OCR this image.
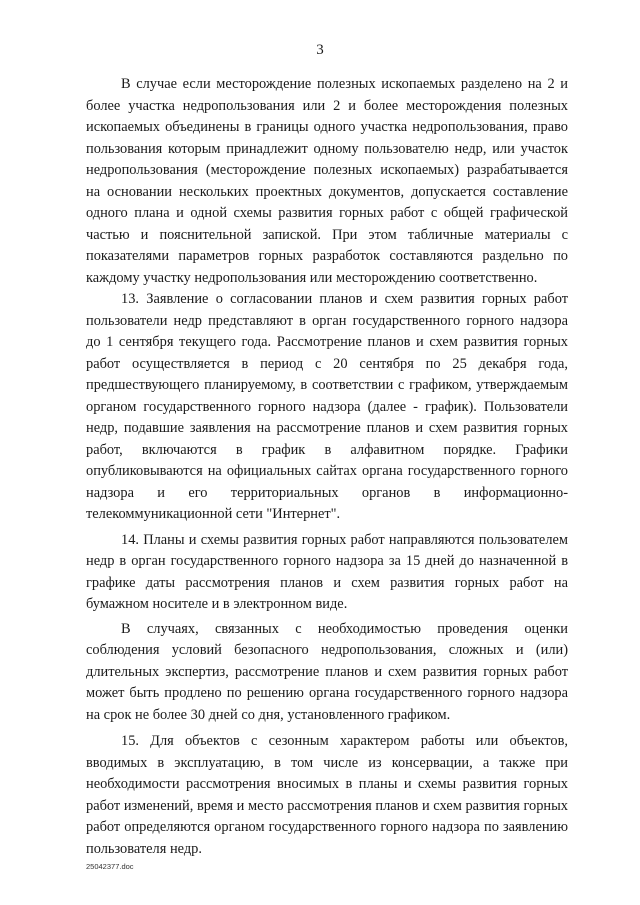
3

В случае если месторождение полезных ископаемых разделено на 2 и более участка недропользования или 2 и более месторождения полезных ископаемых объединены в границы одного участка недропользования, право пользования которым принадлежит одному пользователю недр, или участок недропользования (месторождение полезных ископаемых) разрабатывается на основании нескольких проектных документов, допускается составление одного плана и одной схемы развития горных работ с общей графической частью и пояснительной запиской. При этом табличные материалы с показателями параметров горных разработок составляются раздельно по каждому участку недропользования или месторождению соответственно.

13. Заявление о согласовании планов и схем развития горных работ пользователи недр представляют в орган государственного горного надзора до 1 сентября текущего года. Рассмотрение планов и схем развития горных работ осуществляется в период с 20 сентября по 25 декабря года, предшествующего планируемому, в соответствии с графиком, утверждаемым органом государственного горного надзора (далее - график). Пользователи недр, подавшие заявления на рассмотрение планов и схем развития горных работ, включаются в график в алфавитном порядке. Графики опубликовываются на официальных сайтах органа государственного горного надзора и его территориальных органов в информационно-телекоммуникационной сети "Интернет".

14. Планы и схемы развития горных работ направляются пользователем недр в орган государственного горного надзора за 15 дней до назначенной в графике даты рассмотрения планов и схем развития горных работ на бумажном носителе и в электронном виде.

В случаях, связанных с необходимостью проведения оценки соблюдения условий безопасного недропользования, сложных и (или) длительных экспертиз, рассмотрение планов и схем развития горных работ может быть продлено по решению органа государственного горного надзора на срок не более 30 дней со дня, установленного графиком.

15. Для объектов с сезонным характером работы или объектов, вводимых в эксплуатацию, в том числе из консервации, а также при необходимости рассмотрения вносимых в планы и схемы развития горных работ изменений, время и место рассмотрения планов и схем развития горных работ определяются органом государственного горного надзора по заявлению пользователя недр.

25042377.doc
